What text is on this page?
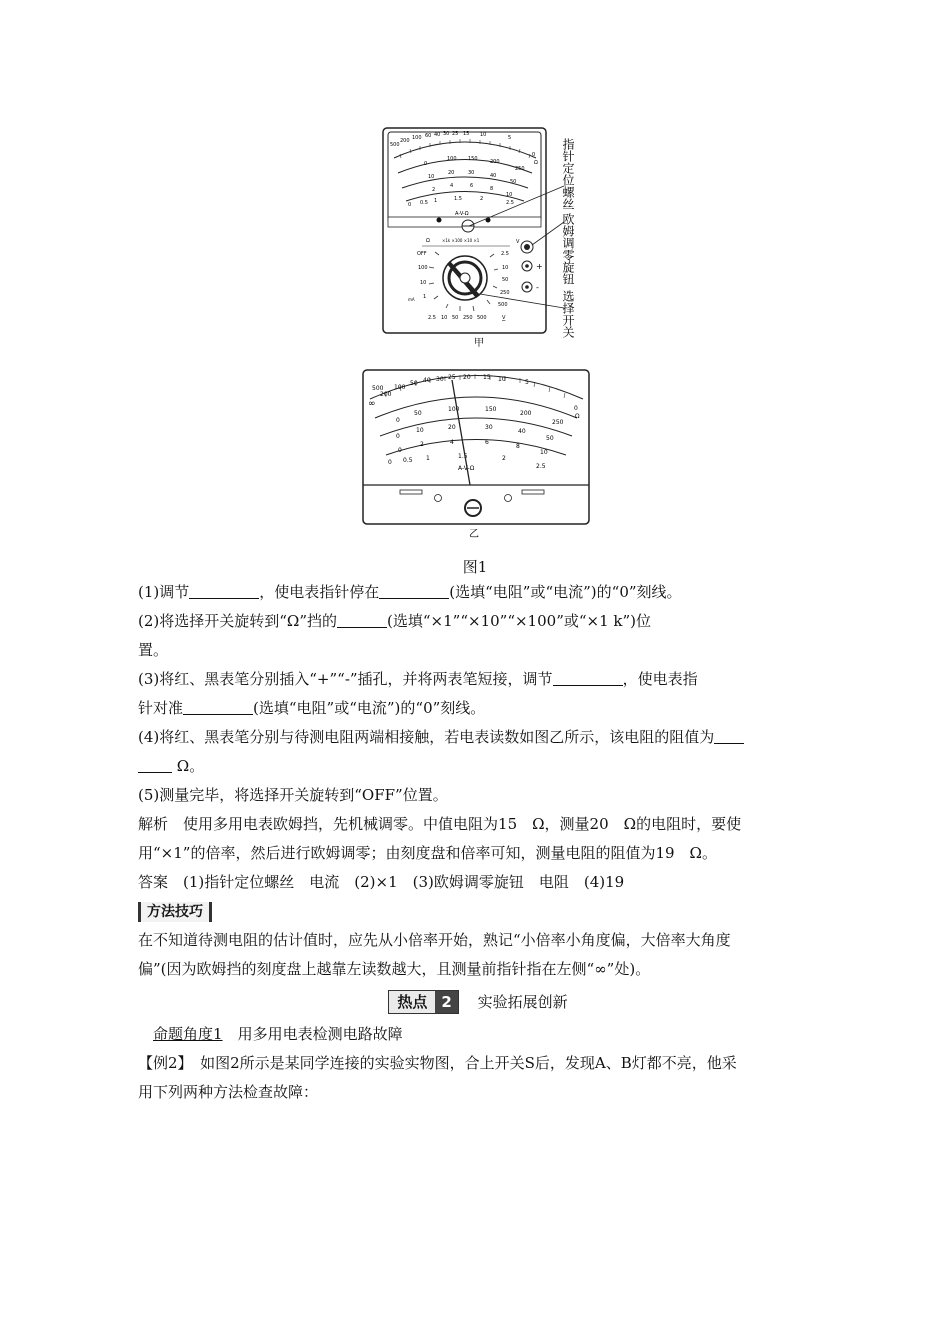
500
200 100 60 40 30 25 15 10	5
0
Ω
0
100 150 200
250
10
20	30	40
50
2
4	6	8
10
0 0.5 1	1.5	2
2.5
A-V-Ω
Ω	×1k ×100 ×10 ×1
OFF
100
10
1
mA
2.5
10
50
250
500
2.5 10 50 250 500	V
V
+
-
甲
指针定位螺丝
欧姆调零旋钮
选择开关
∞
500
200
100
50 40 30 25 20 15 10	5
0
Ω
0
50
100	150
200
250
0
10	20	30
40
50
0
2	4	6
8
10
0 0.5 1	1.5	2
2.5
A-V-Ω
乙
图1

(1)调节	，使电表指针停在	(选填“电阻”或“电流”)的“0”刻线。

(2)将选择开关旋转到“Ω”挡的	(选填“×1”“×10”“×100”或“×1 k”)位

置。

(3)将红、黑表笔分别插入“+”“-”插孔，并将两表笔短接，调节	，使电表指

针对准	(选填“电阻”或“电流”)的“0”刻线。

(4)将红、黑表笔分别与待测电阻两端相接触，若电表读数如图乙所示，该电阻的阻值为

Ω。

(5)测量完毕，将选择开关旋转到“OFF”位置。

解析　 使用多用电表欧姆挡，先机械调零。中值电阻为15　Ω，测量20　Ω的电阻时，要使

用“×1”的倍率，然后进行欧姆调零；由刻度盘和倍率可知，测量电阻的阻值为19　Ω。

答案　 (1)指针定位螺丝　电流　(2)×1　(3)欧姆调零旋钮　电阻　(4)19

方法技巧

在不知道待测电阻的估计值时，应先从小倍率开始，熟记“小倍率小角度偏，大倍率大角度

偏”(因为欧姆挡的刻度盘上越靠左读数越大，且测量前指针指在左侧“∞”处)。

热点 2	实验拓展创新

　命题角度1　 用多用电表检测电路故障

【例2】　 如图2所示是某同学连接的实验实物图，合上开关S后，发现A、B灯都不亮，他采

用下列两种方法检查故障：
